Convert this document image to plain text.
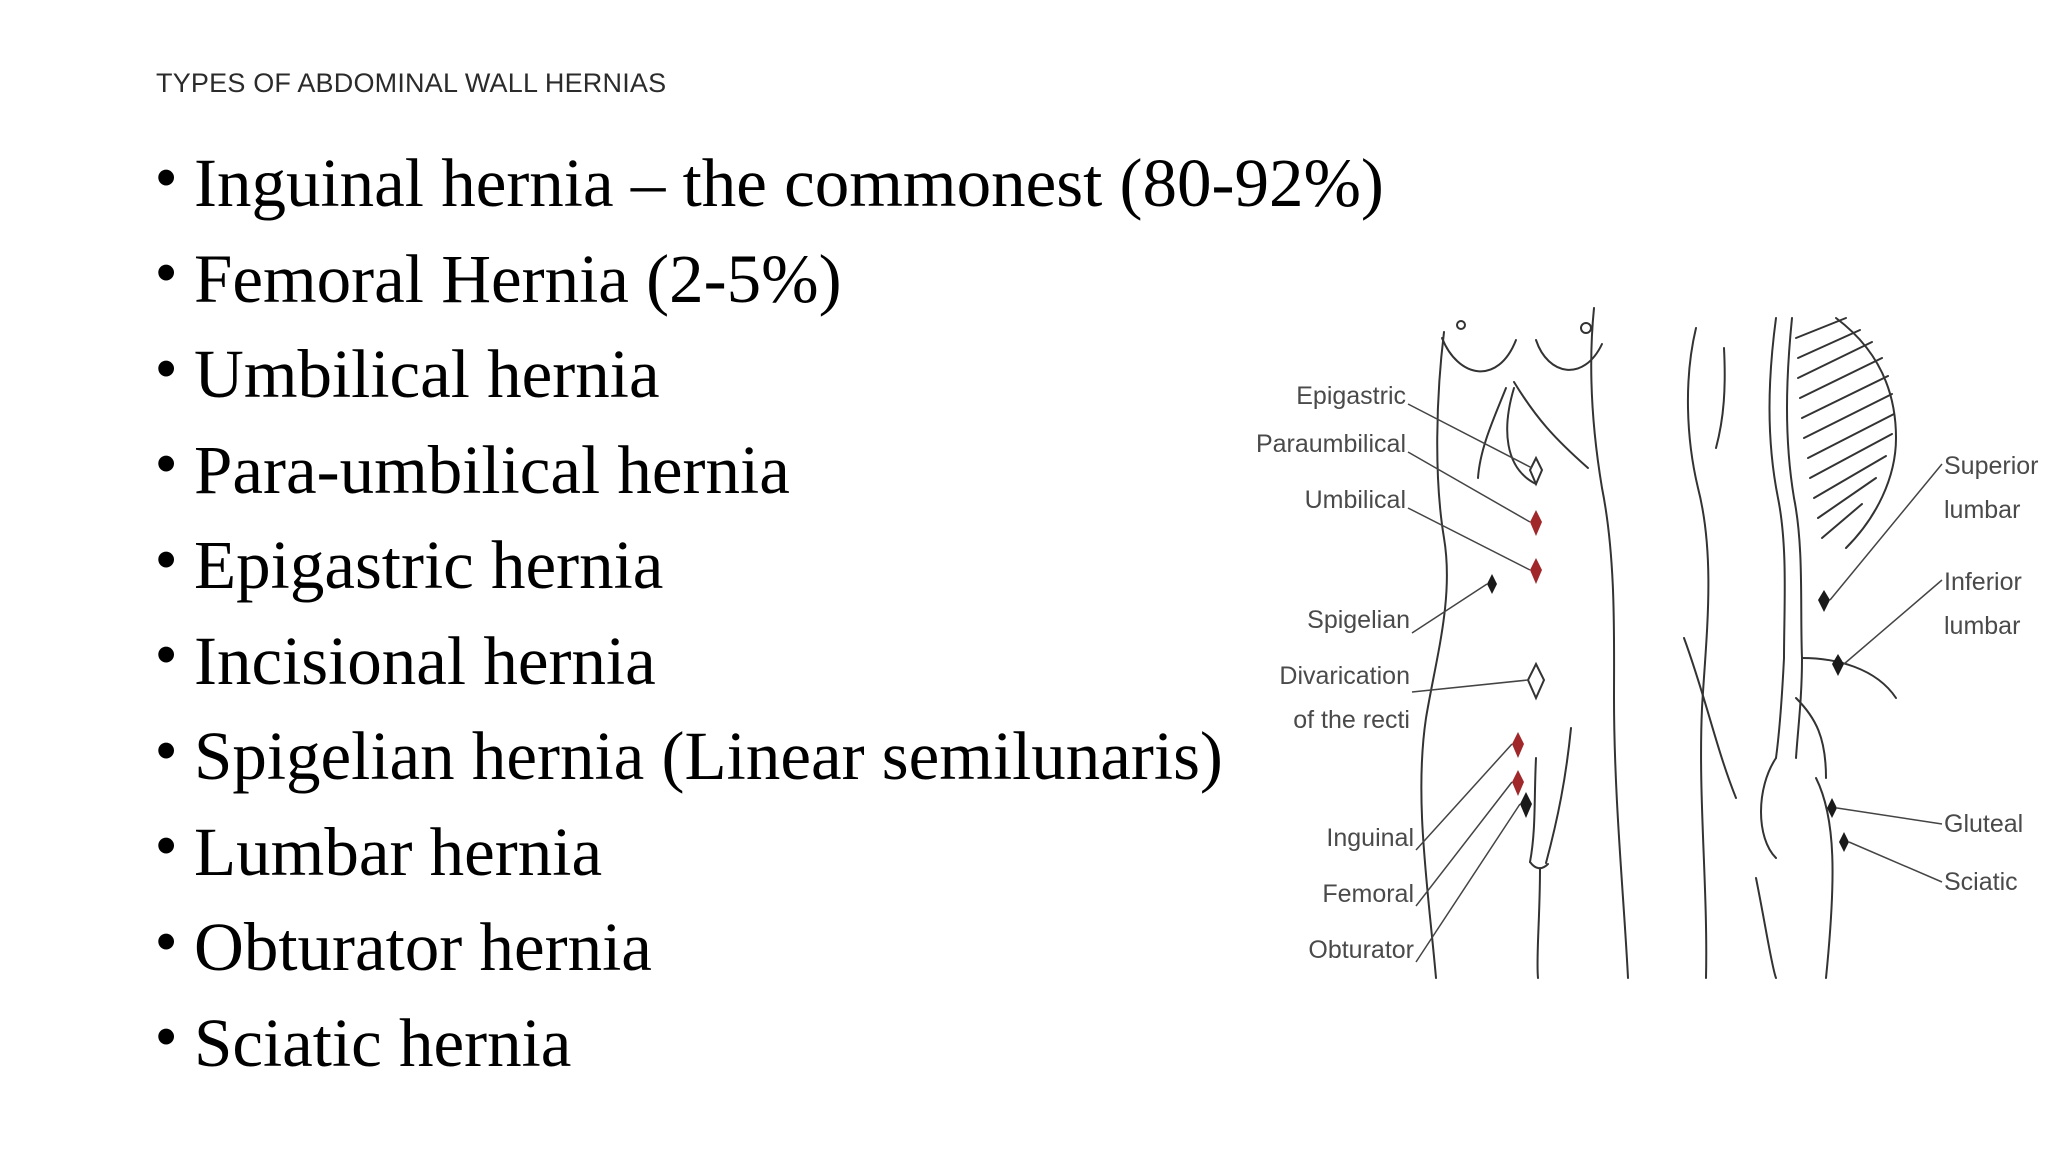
TYPES OF ABDOMINAL WALL HERNIAS
• Inguinal hernia – the commonest (80-92%)
• Femoral Hernia (2-5%)
• Umbilical hernia
• Para-umbilical hernia
• Epigastric hernia
• Incisional hernia
• Spigelian hernia (Linear semilunaris)
• Lumbar hernia
• Obturator hernia
• Sciatic hernia
Epigastric
Paraumbilical
Umbilical
Spigelian
Divarication
of the recti
Inguinal
Femoral
Obturator
Superior
lumbar
Inferior
lumbar
Gluteal
Sciatic
